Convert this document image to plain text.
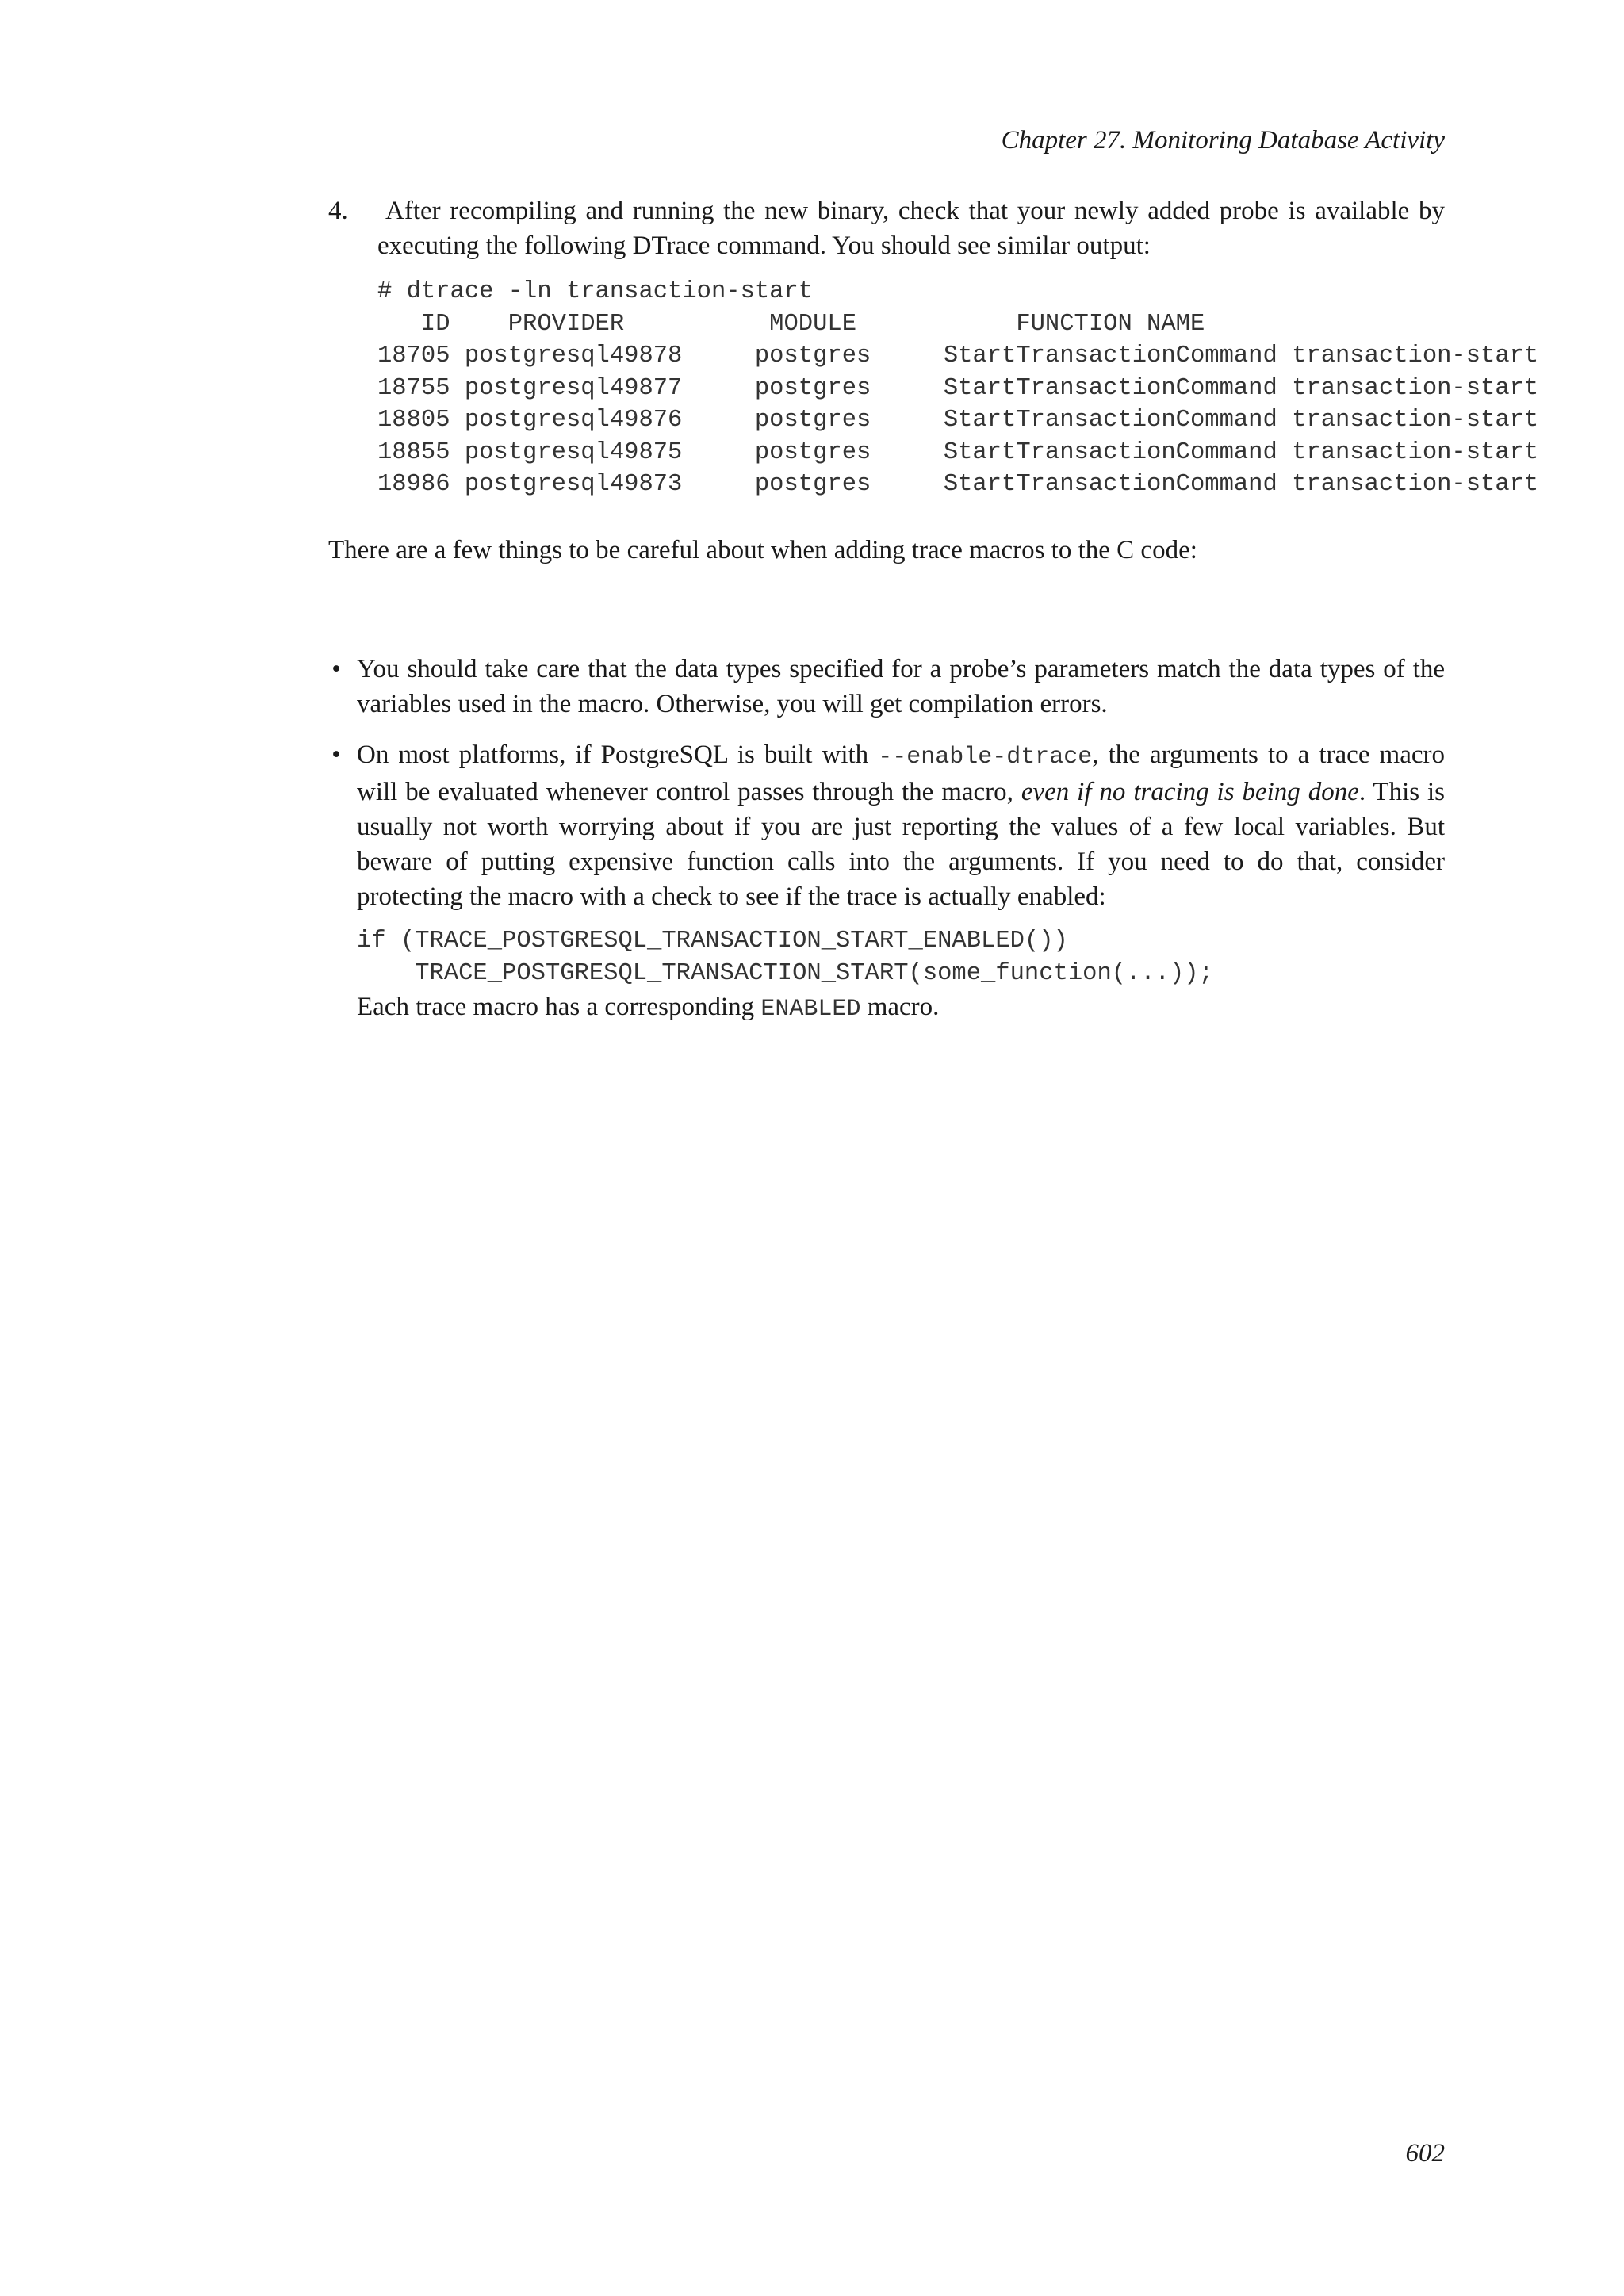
Chapter 27. Monitoring Database Activity
4.	After recompiling and running the new binary, check that your newly added probe is available by executing the following DTrace command. You should see similar output:
# dtrace -ln transaction-start
ID    PROVIDER          MODULE           FUNCTION NAME
18705 postgresql49878     postgres     StartTransactionCommand transaction-start
18755 postgresql49877     postgres     StartTransactionCommand transaction-start
18805 postgresql49876     postgres     StartTransactionCommand transaction-start
18855 postgresql49875     postgres     StartTransactionCommand transaction-start
18986 postgresql49873     postgres     StartTransactionCommand transaction-start
There are a few things to be careful about when adding trace macros to the C code:
• You should take care that the data types specified for a probe’s parameters match the data types of the variables used in the macro. Otherwise, you will get compilation errors.
• On most platforms, if PostgreSQL is built with --enable-dtrace, the arguments to a trace macro will be evaluated whenever control passes through the macro, even if no tracing is being done. This is usually not worth worrying about if you are just reporting the values of a few local variables. But beware of putting expensive function calls into the arguments. If you need to do that, consider protecting the macro with a check to see if the trace is actually enabled:
if (TRACE_POSTGRESQL_TRANSACTION_START_ENABLED())
TRACE_POSTGRESQL_TRANSACTION_START(some_function(...));
Each trace macro has a corresponding ENABLED macro.
602
